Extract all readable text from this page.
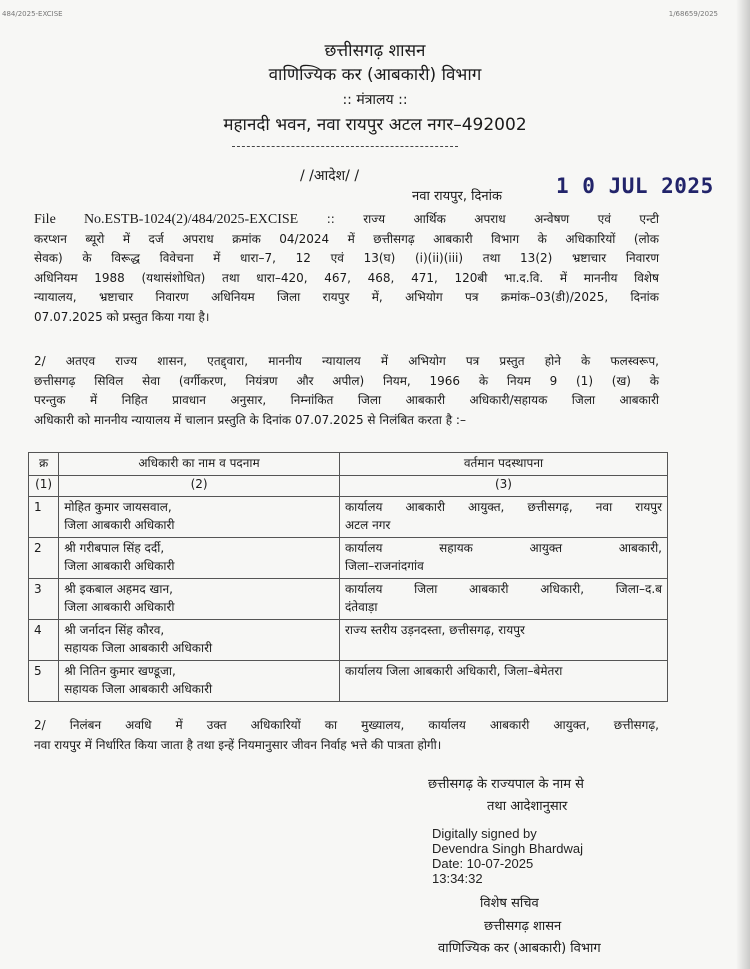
484/2025-EXCISE	1/68659/2025
छत्तीसगढ़ शासन
वाणिज्यिक कर (आबकारी) विभाग
:: मंत्रालय ::
महानदी भवन, नवा रायपुर अटल नगर–492002
/ /आदेश/ /
नवा रायपुर, दिनांक	1 0 JUL 2025
File No.ESTB-1024(2)/484/2025-EXCISE :: राज्य आर्थिक अपराध अन्वेषण एवं एन्टी
करप्शन ब्यूरो में दर्ज अपराध क्रमांक 04/2024 में छत्तीसगढ़ आबकारी विभाग के अधिकारियों (लोक
सेवक) के विरूद्ध विवेचना में धारा–7, 12 एवं 13(घ) (i)(ii)(iii) तथा 13(2) भ्रष्टाचार निवारण
अधिनियम 1988 (यथासंशोधित) तथा धारा–420, 467, 468, 471, 120बी भा.द.वि. में माननीय विशेष
न्यायालय, भ्रष्टाचार निवारण अधिनियम जिला रायपुर में, अभियोग पत्र क्रमांक–03(डी)/2025, दिनांक
07.07.2025 को प्रस्तुत किया गया है।
2/ अतएव राज्य शासन, एतद्द्वारा, माननीय न्यायालय में अभियोग पत्र प्रस्तुत होने के फलस्वरूप,
छत्तीसगढ़ सिविल सेवा (वर्गीकरण, नियंत्रण और अपील) नियम, 1966 के नियम 9 (1) (ख) के
परन्तुक में निहित प्रावधान अनुसार, निम्नांकित जिला आबकारी अधिकारी/सहायक जिला आबकारी
अधिकारी को माननीय न्यायालय में चालान प्रस्तुति के दिनांक 07.07.2025 से निलंबित करता है :–
क्र	अधिकारी का नाम व पदनाम	वर्तमान पदस्थापना
(1)	(2)	(3)
1	मोहित कुमार जायसवाल,
जिला आबकारी अधिकारी	कार्यालय आबकारी आयुक्त, छत्तीसगढ़, नवा रायपुर
अटल नगर

2	श्री गरीबपाल सिंह दर्दी,
जिला आबकारी अधिकारी	कार्यालय सहायक आयुक्त आबकारी,
जिला–राजनांदगांव

3	श्री इकबाल अहमद खान,
जिला आबकारी अधिकारी	कार्यालय जिला आबकारी अधिकारी, जिला–द.ब
दंतेवाड़ा

4	श्री जर्नादन सिंह कौरव,
सहायक जिला आबकारी अधिकारी	राज्य स्तरीय उड़नदस्ता, छत्तीसगढ़, रायपुर

5	श्री नितिन कुमार खण्डूजा,
सहायक जिला आबकारी अधिकारी	कार्यालय जिला आबकारी अधिकारी, जिला–बेमेतरा

2/ निलंबन अवधि में उक्त अधिकारियों का मुख्यालय, कार्यालय आबकारी आयुक्त, छत्तीसगढ़,
नवा रायपुर में निर्धारित किया जाता है तथा इन्हें नियमानुसार जीवन निर्वाह भत्ते की पात्रता होगी।
छत्तीसगढ़ के राज्यपाल के नाम से
तथा आदेशानुसार
Digitally signed by
Devendra Singh Bhardwaj
Date: 10-07-2025
13:34:32
विशेष सचिव
छत्तीसगढ़ शासन
वाणिज्यिक कर (आबकारी) विभाग
